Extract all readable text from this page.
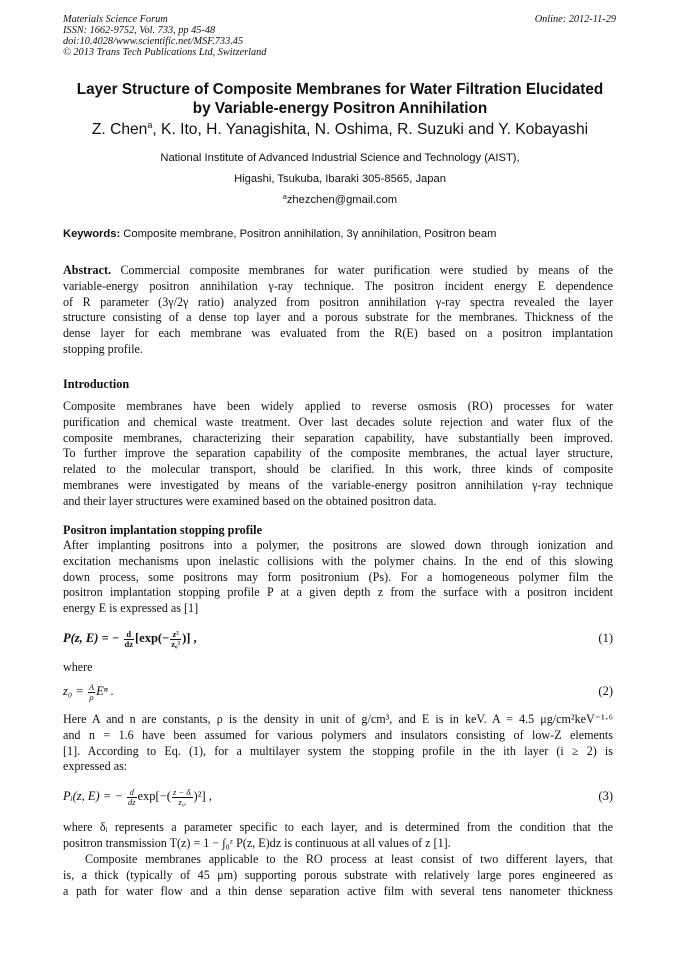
Materials Science Forum
ISSN: 1662-9752, Vol. 733, pp 45-48
doi:10.4028/www.scientific.net/MSF.733.45
© 2013 Trans Tech Publications Ltd, Switzerland
Online: 2012-11-29
Layer Structure of Composite Membranes for Water Filtration Elucidated
by Variable-energy Positron Annihilation
Z. Chen$^a$, K. Ito, H. Yanagishita, N. Oshima, R. Suzuki and Y. Kobayashi
National Institute of Advanced Industrial Science and Technology (AIST),
Higashi, Tsukuba, Ibaraki 305-8565, Japan
$^a$zhezchen@gmail.com
Keywords: Composite membrane, Positron annihilation, 3γ annihilation, Positron beam
Abstract. Commercial composite membranes for water purification were studied by means of the
variable-energy positron annihilation γ-ray technique. The positron incident energy E dependence
of R parameter (3γ/2γ ratio) analyzed from positron annihilation γ-ray spectra revealed the layer
structure consisting of a dense top layer and a porous substrate for the membranes. Thickness of the
dense layer for each membrane was evaluated from the R(E) based on a positron implantation
stopping profile.
Introduction
Composite membranes have been widely applied to reverse osmosis (RO) processes for water
purification and chemical waste treatment. Over last decades solute rejection and water flux of the
composite membranes, characterizing their separation capability, have substantially been improved.
To further improve the separation capability of the composite membranes, the actual layer structure,
related to the molecular transport, should be clarified. In this work, three kinds of composite
membranes were investigated by means of the variable-energy positron annihilation γ-ray technique
and their layer structures were examined based on the obtained positron data.
Positron implantation stopping profile
After implanting positrons into a polymer, the positrons are slowed down through ionization and
excitation mechanisms upon inelastic collisions with the polymer chains. In the end of this slowing
down process, some positrons may form positronium (Ps). For a homogeneous polymer film the
positron implantation stopping profile P at a given depth z from the surface with a positron incident
energy E is expressed as [1]
P(z, E) = − $\frac{d}{dz} [\exp(- \frac{\text{z²}}{\text{z₀²}}$ )] ,	(1)
where
$z_0 = \frac{A}{\rho}$ Eⁿ .	(2)
Here A and n are constants, ρ is the density in unit of g/cm³, and E is in keV. A = 4.5 μg/cm²keV⁻¹·⁶
and n = 1.6 have been assumed for various polymers and insulators consisting of low-Z elements
[1]. According to Eq. (1), for a multilayer system the stopping profile in the ith layer (i ≥ 2) is
expressed as:
Pᵢ(z, E) = − $\frac{d}{dz} \exp[-( \frac{\text{z − δᵢ}}{\text{z₀ᵢ}} )^2]$ ,	(3)
where δᵢ represents a parameter specific to each layer, and is determined from the condition that the
positron transmission T(z) = 1 − ∫₀ᶻ P(z, E)dz is continuous at all values of z [1].
Composite membranes applicable to the RO process at least consist of two different layers, that
is, a thick (typically of 45 μm) supporting porous substrate with relatively large pores engineered as
a path for water flow and a thin dense separation active film with several tens nanometer thickness
